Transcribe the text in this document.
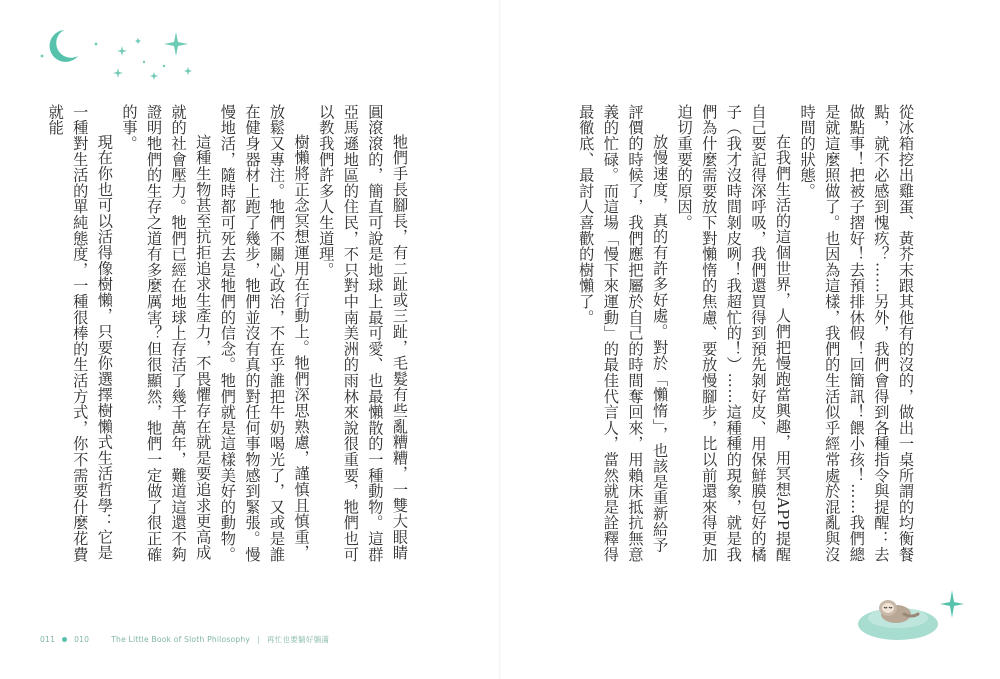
牠們手長腳長，有二趾或三趾，毛髮有些亂糟糟，一雙大眼睛圓滾滾的，簡直可說是地球上最可愛、也最懶散的一種動物。這群亞馬遜地區的住民，不只對中南美洲的雨林來說很重要，牠們也可以教我們許多人生道理。

樹懶將正念冥想運用在行動上。牠們深思熟慮，謹慎且慎重，放鬆又專注。牠們不關心政治，不在乎誰把牛奶喝光了，又或是誰在健身器材上跑了幾步，牠們並沒有真的對任何事物感到緊張。慢慢地活，隨時都可死去是牠們的信念。牠們就是這樣美好的動物。

這種生物甚至抗拒追求生產力，不畏懼存在就是要追求更高成就的社會壓力。牠們已經在地球上存活了幾千萬年，難道這還不夠證明牠們的生存之道有多麼厲害？但很顯然，牠們一定做了很正確的事。

現在你也可以活得像樹懶，只要你選擇樹懶式生活哲學：它是一種對生活的單純態度，一種很棒的生活方式，你不需要什麼花費就能

011	010	The Little Book of Sloth Philosophy | 再忙也要躺好躺滿

從冰箱挖出雞蛋、黃芥末跟其他有的沒的，做出一桌所謂的均衡餐點，就不必感到愧疚？……另外，我們會得到各種指令與提醒：去做點事！把被子摺好！去預排休假！回簡訊！餵小孩！……我們總是就這麼照做了。也因為這樣，我們的生活似乎經常處於混亂與沒時間的狀態。

在我們生活的這個世界，人們把慢跑當興趣，用冥想APP提醒自己要記得深呼吸，我們還買得到預先剝好皮、用保鮮膜包好的橘子（我才沒時間剝皮咧！我超忙的！）……這種種的現象，就是我們為什麼需要放下對懶惰的焦慮、要放慢腳步，比以前還來得更加迫切重要的原因。

放慢速度，真的有許多好處。對於「懶惰」，也該是重新給予評價的時候了，我們應把屬於自己的時間奪回來，用賴床抵抗無意義的忙碌。而這場「慢下來運動」的最佳代言人，當然就是詮釋得最徹底、最討人喜歡的樹懶了。
